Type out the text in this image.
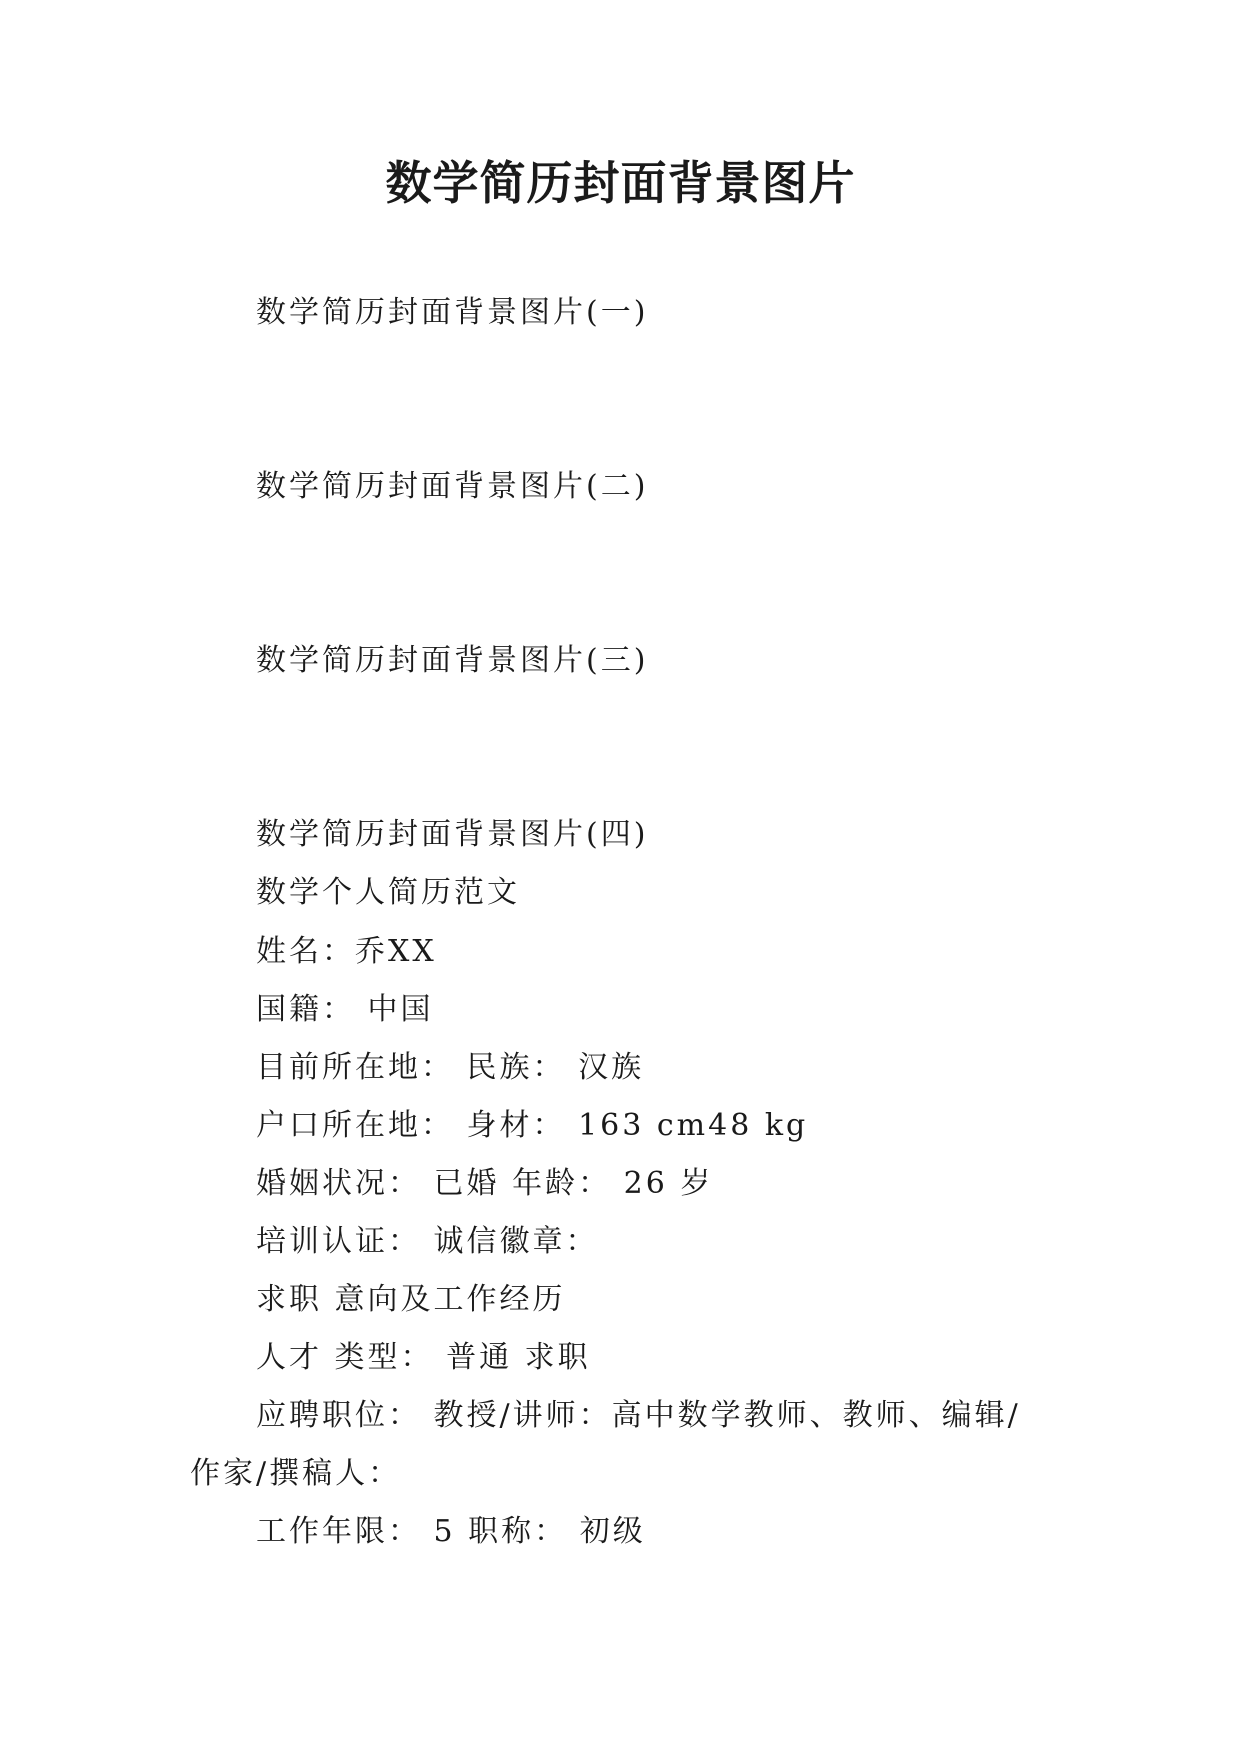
数学简历封面背景图片
数学简历封面背景图片(一)
数学简历封面背景图片(二)
数学简历封面背景图片(三)
数学简历封面背景图片(四)
数学个人简历范文
姓名：乔XX
国籍： 中国
目前所在地： 民族： 汉族
户口所在地： 身材： 163 cm48 kg
婚姻状况： 已婚 年龄： 26 岁
培训认证： 诚信徽章：
求职 意向及工作经历
人才 类型： 普通 求职
应聘职位： 教授/讲师：高中数学教师、教师、编辑/
作家/撰稿人：
工作年限： 5 职称： 初级
